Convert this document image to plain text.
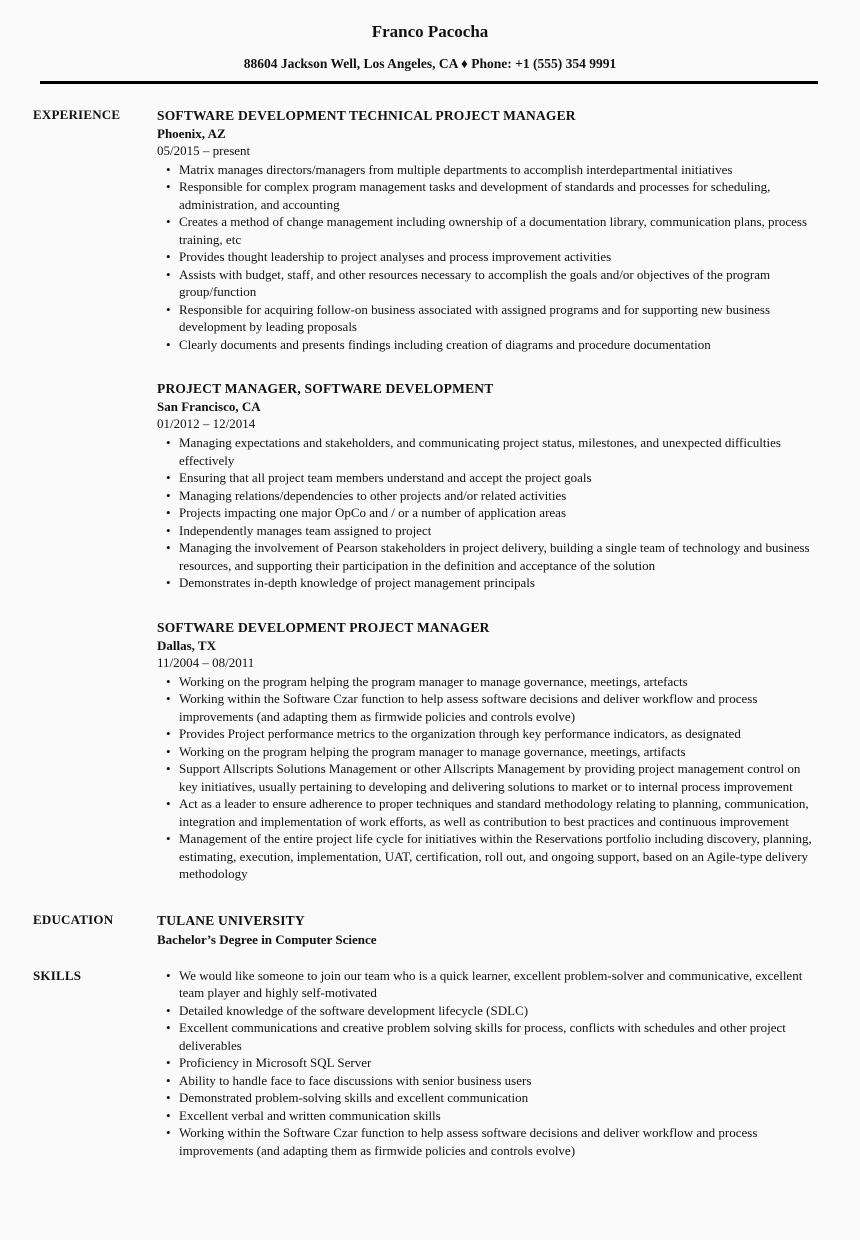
Franco Pacocha
88604 Jackson Well, Los Angeles, CA ♦ Phone: +1 (555) 354 9991
EXPERIENCE	SOFTWARE DEVELOPMENT TECHNICAL PROJECT MANAGER
Phoenix, AZ
05/2015 – present
• Matrix manages directors/managers from multiple departments to accomplish interdepartmental initiatives
• Responsible for complex program management tasks and development of standards and processes for scheduling, administration, and accounting
• Creates a method of change management including ownership of a documentation library, communication plans, process training, etc
• Provides thought leadership to project analyses and process improvement activities
• Assists with budget, staff, and other resources necessary to accomplish the goals and/or objectives of the program group/function
• Responsible for acquiring follow-on business associated with assigned programs and for supporting new business development by leading proposals
• Clearly documents and presents findings including creation of diagrams and procedure documentation
PROJECT MANAGER, SOFTWARE DEVELOPMENT
San Francisco, CA
01/2012 – 12/2014
• Managing expectations and stakeholders, and communicating project status, milestones, and unexpected difficulties effectively
• Ensuring that all project team members understand and accept the project goals
• Managing relations/dependencies to other projects and/or related activities
• Projects impacting one major OpCo and / or a number of application areas
• Independently manages team assigned to project
• Managing the involvement of Pearson stakeholders in project delivery, building a single team of technology and business resources, and supporting their participation in the definition and acceptance of the solution
• Demonstrates in-depth knowledge of project management principals
SOFTWARE DEVELOPMENT PROJECT MANAGER
Dallas, TX
11/2004 – 08/2011
• Working on the program helping the program manager to manage governance, meetings, artefacts
• Working within the Software Czar function to help assess software decisions and deliver workflow and process improvements (and adapting them as firmwide policies and controls evolve)
• Provides Project performance metrics to the organization through key performance indicators, as designated
• Working on the program helping the program manager to manage governance, meetings, artifacts
• Support Allscripts Solutions Management or other Allscripts Management by providing project management control on key initiatives, usually pertaining to developing and delivering solutions to market or to internal process improvement
• Act as a leader to ensure adherence to proper techniques and standard methodology relating to planning, communication, integration and implementation of work efforts, as well as contribution to best practices and continuous improvement
• Management of the entire project life cycle for initiatives within the Reservations portfolio including discovery, planning, estimating, execution, implementation, UAT, certification, roll out, and ongoing support, based on an Agile-type delivery methodology
EDUCATION	TULANE UNIVERSITY
Bachelor’s Degree in Computer Science
SKILLS	• We would like someone to join our team who is a quick learner, excellent problem-solver and communicative, excellent team player and highly self-motivated
• Detailed knowledge of the software development lifecycle (SDLC)
• Excellent communications and creative problem solving skills for process, conflicts with schedules and other project deliverables
• Proficiency in Microsoft SQL Server
• Ability to handle face to face discussions with senior business users
• Demonstrated problem-solving skills and excellent communication
• Excellent verbal and written communication skills
• Working within the Software Czar function to help assess software decisions and deliver workflow and process improvements (and adapting them as firmwide policies and controls evolve)
